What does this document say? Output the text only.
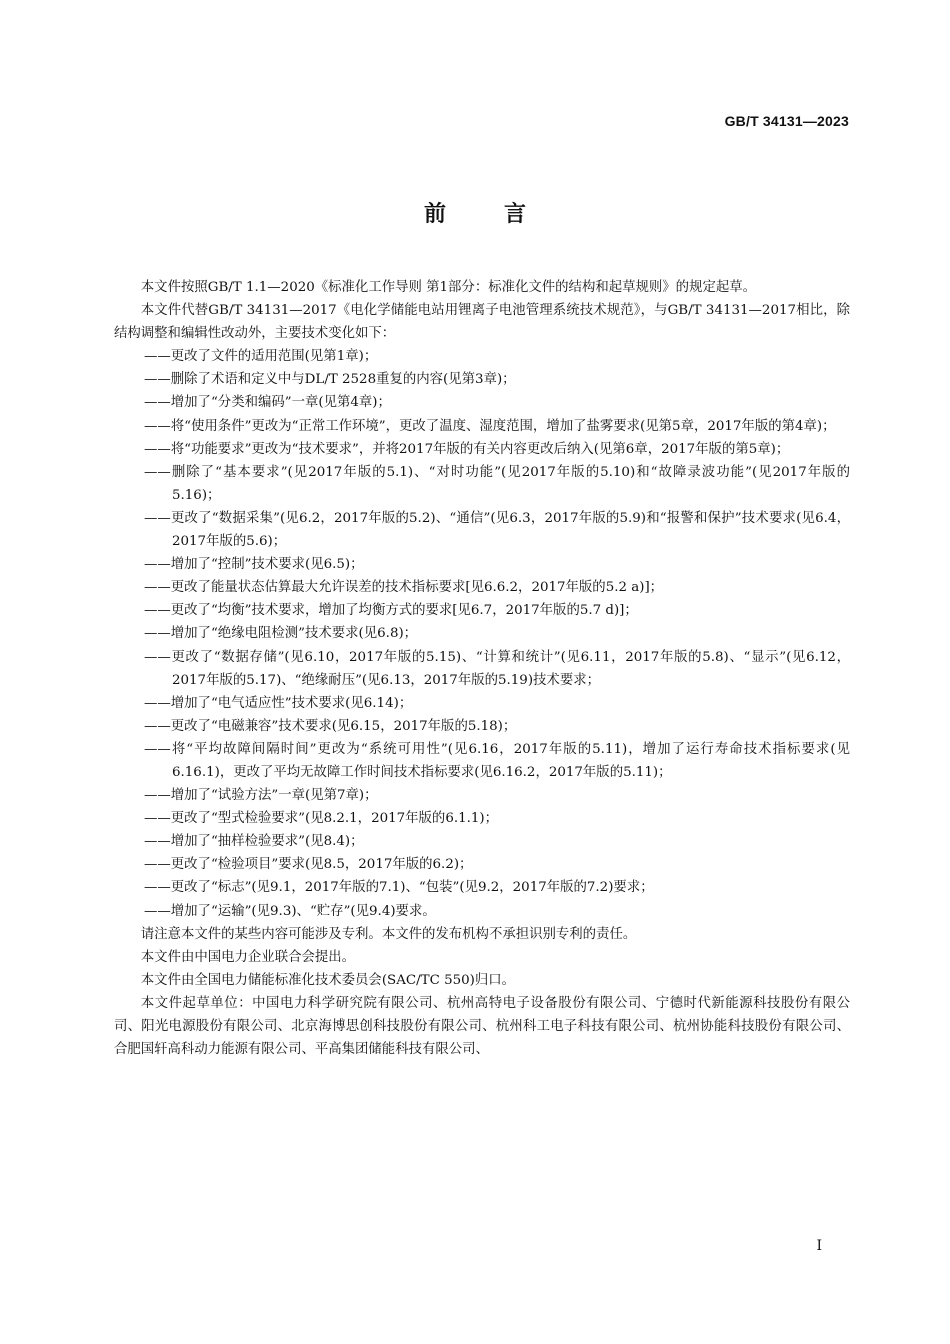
GB/T 34131—2023
前言

本文件按照GB/T 1.1—2020《标准化工作导则 第1部分：标准化文件的结构和起草规则》的规定起草。

本文件代替GB/T 34131—2017《电化学储能电站用锂离子电池管理系统技术规范》，与GB/T 34131—2017相比，除结构调整和编辑性改动外，主要技术变化如下：

——更改了文件的适用范围(见第1章)；

——删除了术语和定义中与DL/T 2528重复的内容(见第3章)；

——增加了“分类和编码”一章(见第4章)；

——将“使用条件”更改为“正常工作环境”，更改了温度、湿度范围，增加了盐雾要求(见第5章，2017年版的第4章)；

——将“功能要求”更改为“技术要求”，并将2017年版的有关内容更改后纳入(见第6章，2017年版的第5章)；

——删除了“基本要求”(见2017年版的5.1)、“对时功能”(见2017年版的5.10)和“故障录波功能”(见2017年版的5.16)；

——更改了“数据采集”(见6.2，2017年版的5.2)、“通信”(见6.3，2017年版的5.9)和“报警和保护”技术要求(见6.4，2017年版的5.6)；

——增加了“控制”技术要求(见6.5)；

——更改了能量状态估算最大允许误差的技术指标要求[见6.6.2，2017年版的5.2 a)]；

——更改了“均衡”技术要求，增加了均衡方式的要求[见6.7，2017年版的5.7 d)]；

——增加了“绝缘电阻检测”技术要求(见6.8)；

——更改了“数据存储”(见6.10，2017年版的5.15)、“计算和统计”(见6.11，2017年版的5.8)、“显示”(见6.12，2017年版的5.17)、“绝缘耐压”(见6.13，2017年版的5.19)技术要求；

——增加了“电气适应性”技术要求(见6.14)；

——更改了“电磁兼容”技术要求(见6.15，2017年版的5.18)；

——将“平均故障间隔时间”更改为“系统可用性”(见6.16，2017年版的5.11)，增加了运行寿命技术指标要求(见6.16.1)，更改了平均无故障工作时间技术指标要求(见6.16.2，2017年版的5.11)；

——增加了“试验方法”一章(见第7章)；

——更改了“型式检验要求”(见8.2.1，2017年版的6.1.1)；

——增加了“抽样检验要求”(见8.4)；

——更改了“检验项目”要求(见8.5，2017年版的6.2)；

——更改了“标志”(见9.1，2017年版的7.1)、“包装”(见9.2，2017年版的7.2)要求；

——增加了“运输”(见9.3)、“贮存”(见9.4)要求。

请注意本文件的某些内容可能涉及专利。本文件的发布机构不承担识别专利的责任。

本文件由中国电力企业联合会提出。

本文件由全国电力储能标准化技术委员会(SAC/TC 550)归口。

本文件起草单位：中国电力科学研究院有限公司、杭州高特电子设备股份有限公司、宁德时代新能源科技股份有限公司、阳光电源股份有限公司、北京海博思创科技股份有限公司、杭州科工电子科技有限公司、杭州协能科技股份有限公司、合肥国轩高科动力能源有限公司、平高集团储能科技有限公司、

Ⅰ
